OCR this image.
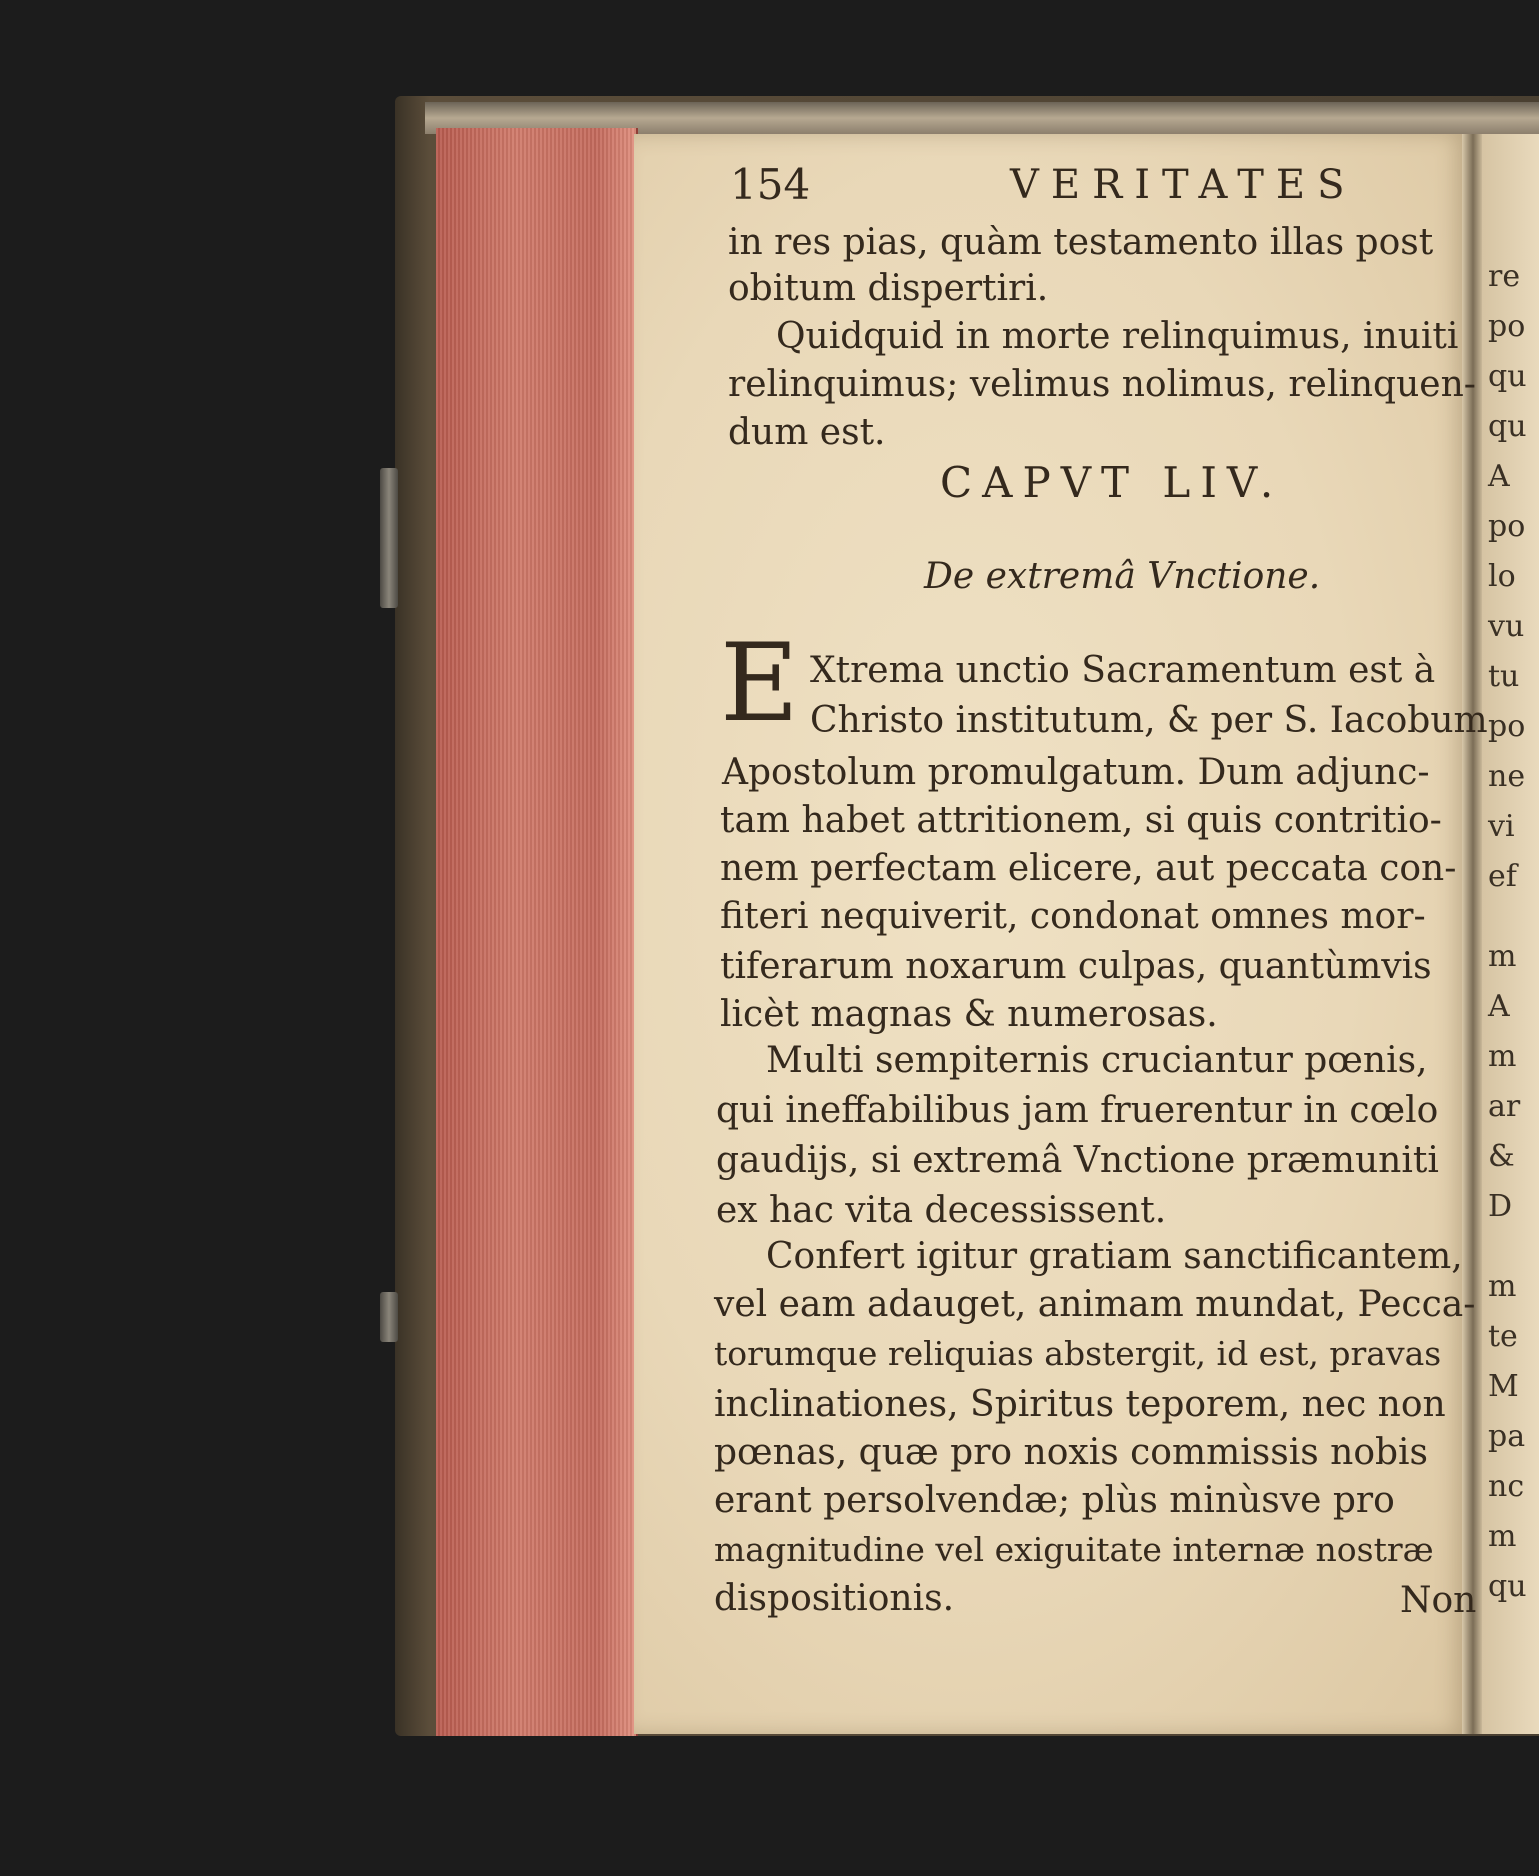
re
po
qu
qu
A
po
lo
vu
tu
po
ne
vi
ef
m
A
m
ar
&
D
m
te
M
pa
nc
m
qu
154	VERITATES
in res pias, quàm testamento illas post
obitum dispertiri.
Quidquid in morte relinquimus, inuiti
relinquimus; velimus nolimus, relinquen-
dum est.
CAPVT LIV.
De extremâ Vnctione.
E Xtrema unctio Sacramentum est à
Christo institutum, & per S. Iacobum
Apostolum promulgatum. Dum adjunc-
tam habet attritionem, si quis contritio-
nem perfectam elicere, aut peccata con-
fiteri nequiverit, condonat omnes mor-
tiferarum noxarum culpas, quantùmvis
licèt magnas & numerosas.
Multi sempiternis cruciantur pœnis,
qui ineffabilibus jam fruerentur in cœlo
gaudijs, si extremâ Vnctione præmuniti
ex hac vita decessissent.
Confert igitur gratiam sanctificantem,
vel eam adauget, animam mundat, Pecca-
torumque reliquias abstergit, id est, pravas
inclinationes, Spiritus teporem, nec non
pœnas, quæ pro noxis commissis nobis
erant persolvendæ; plùs minùsve pro
magnitudine vel exiguitate internæ nostræ
dispositionis.	Non
